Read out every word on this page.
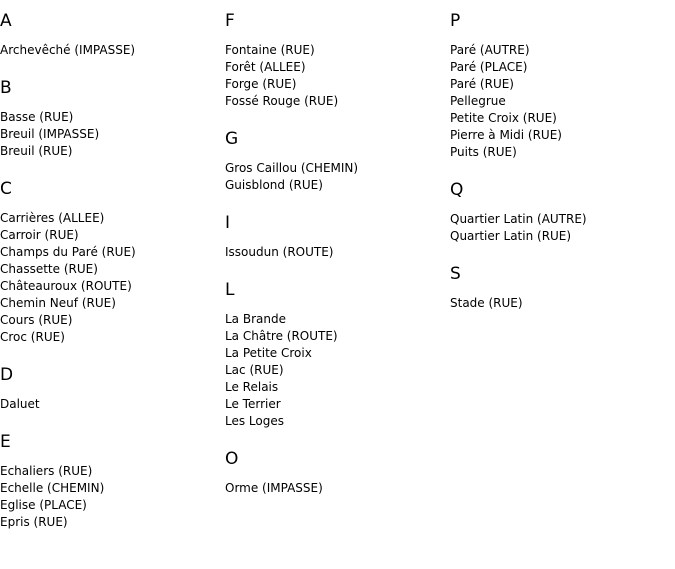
A
Archevêché (IMPASSE)
B
Basse (RUE)
Breuil (IMPASSE)
Breuil (RUE)
C
Carrières (ALLEE)
Carroir (RUE)
Champs du Paré (RUE)
Chassette (RUE)
Châteauroux (ROUTE)
Chemin Neuf (RUE)
Cours (RUE)
Croc (RUE)
D
Daluet
E
Echaliers (RUE)
Echelle (CHEMIN)
Eglise (PLACE)
Epris (RUE)
F
Fontaine (RUE)
Forêt (ALLEE)
Forge (RUE)
Fossé Rouge (RUE)
G
Gros Caillou (CHEMIN)
Guisblond (RUE)
I
Issoudun (ROUTE)
L
La Brande
La Châtre (ROUTE)
La Petite Croix
Lac (RUE)
Le Relais
Le Terrier
Les Loges
O
Orme (IMPASSE)
P
Paré (AUTRE)
Paré (PLACE)
Paré (RUE)
Pellegrue
Petite Croix (RUE)
Pierre à Midi (RUE)
Puits (RUE)
Q
Quartier Latin (AUTRE)
Quartier Latin (RUE)
S
Stade (RUE)
